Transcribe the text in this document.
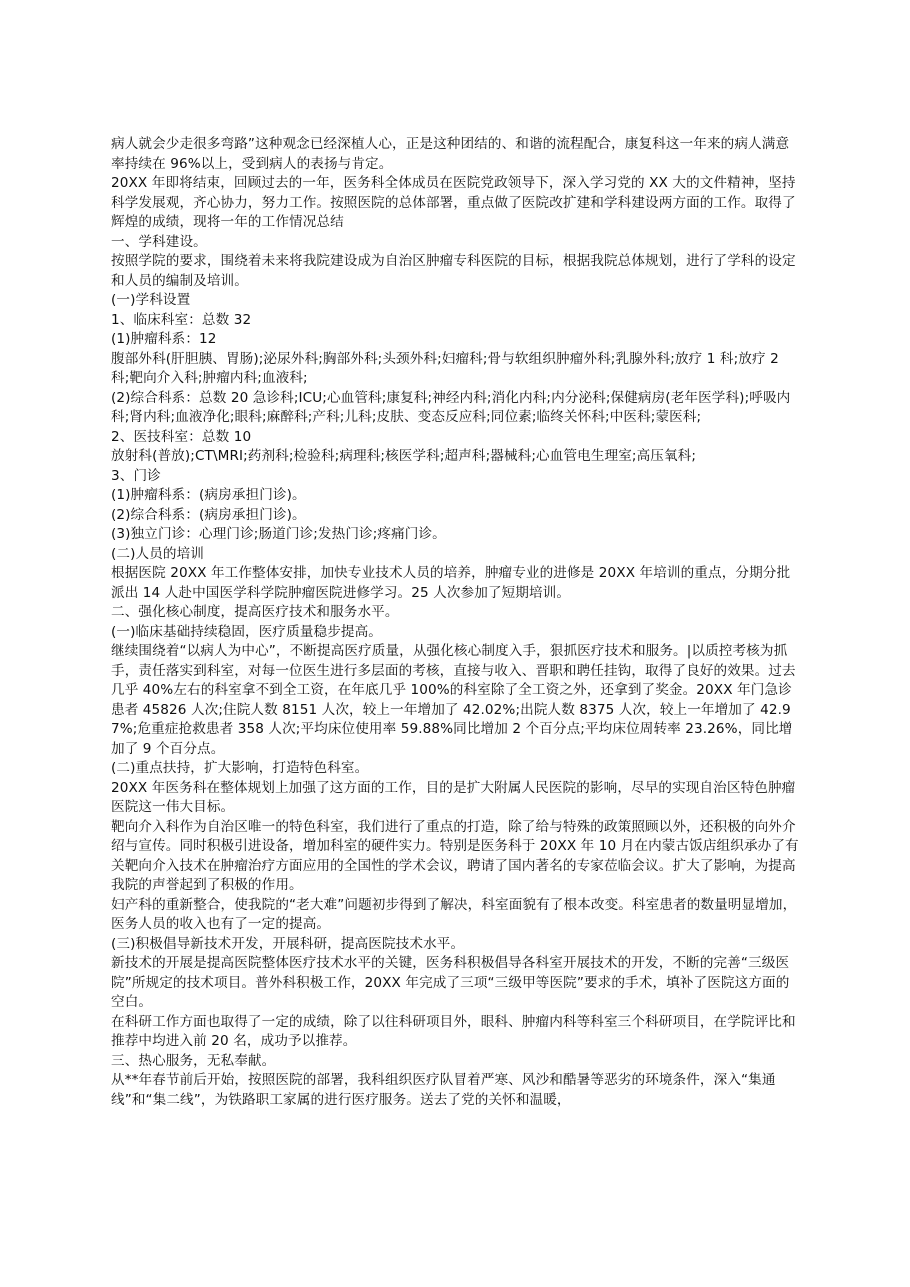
病人就会少走很多弯路”这种观念已经深植人心，正是这种团结的、和谐的流程配合，康复科这一年来的病人满意率持续在 96%以上，受到病人的表扬与肯定。

20XX 年即将结束，回顾过去的一年，医务科全体成员在医院党政领导下，深入学习党的 XX 大的文件精神，坚持科学发展观，齐心协力，努力工作。按照医院的总体部署，重点做了医院改扩建和学科建设两方面的工作。取得了辉煌的成绩，现将一年的工作情况总结

一、学科建设。

按照学院的要求，围绕着未来将我院建设成为自治区肿瘤专科医院的目标，根据我院总体规划，进行了学科的设定和人员的编制及培训。

(一)学科设置

1、临床科室：总数 32

(1)肿瘤科系：12

腹部外科(肝胆胰、胃肠);泌尿外科;胸部外科;头颈外科;妇瘤科;骨与软组织肿瘤外科;乳腺外科;放疗 1 科;放疗 2 科;靶向介入科;肿瘤内科;血液科;

(2)综合科系：总数 20 急诊科;ICU;心血管科;康复科;神经内科;消化内科;内分泌科;保健病房(老年医学科);呼吸内科;肾内科;血液净化;眼科;麻醉科;产科;儿科;皮肤、变态反应科;同位素;临终关怀科;中医科;蒙医科;

2、医技科室：总数 10

放射科(普放);CT\MRI;药剂科;检验科;病理科;核医学科;超声科;器械科;心血管电生理室;高压氧科;

3、门诊

(1)肿瘤科系：(病房承担门诊)。

(2)综合科系：(病房承担门诊)。

(3)独立门诊：心理门诊;肠道门诊;发热门诊;疼痛门诊。

(二)人员的培训

根据医院 20XX 年工作整体安排，加快专业技术人员的培养，肿瘤专业的进修是 20XX 年培训的重点，分期分批派出 14 人赴中国医学科学院肿瘤医院进修学习。25 人次参加了短期培训。

二、强化核心制度，提高医疗技术和服务水平。

(一)临床基础持续稳固，医疗质量稳步提高。

继续围绕着“以病人为中心”，不断提高医疗质量，从强化核心制度入手，狠抓医疗技术和服务。|以质控考核为抓手，责任落实到科室，对每一位医生进行多层面的考核，直接与收入、晋职和聘任挂钩，取得了良好的效果。过去几乎 40%左右的科室拿不到全工资，在年底几乎 100%的科室除了全工资之外，还拿到了奖金。20XX 年门急诊患者 45826 人次;住院人数 8151 人次，较上一年增加了 42.02%;出院人数 8375 人次，较上一年增加了 42.97%;危重症抢救患者 358 人次;平均床位使用率 59.88%同比增加 2 个百分点;平均床位周转率 23.26%，同比增加了 9 个百分点。

(二)重点扶持，扩大影响，打造特色科室。

20XX 年医务科在整体规划上加强了这方面的工作，目的是扩大附属人民医院的影响，尽早的实现自治区特色肿瘤医院这一伟大目标。

靶向介入科作为自治区唯一的特色科室，我们进行了重点的打造，除了给与特殊的政策照顾以外，还积极的向外介绍与宣传。同时积极引进设备，增加科室的硬件实力。特别是医务科于 20XX 年 10 月在内蒙古饭店组织承办了有关靶向介入技术在肿瘤治疗方面应用的全国性的学术会议，聘请了国内著名的专家莅临会议。扩大了影响，为提高我院的声誉起到了积极的作用。

妇产科的重新整合，使我院的“老大难”问题初步得到了解决，科室面貌有了根本改变。科室患者的数量明显增加，医务人员的收入也有了一定的提高。

(三)积极倡导新技术开发，开展科研，提高医院技术水平。

新技术的开展是提高医院整体医疗技术水平的关键，医务科积极倡导各科室开展技术的开发，不断的完善“三级医院”所规定的技术项目。普外科积极工作，20XX 年完成了三项“三级甲等医院”要求的手术，填补了医院这方面的空白。

在科研工作方面也取得了一定的成绩，除了以往科研项目外，眼科、肿瘤内科等科室三个科研项目，在学院评比和推荐中均进入前 20 名，成功予以推荐。

三、热心服务，无私奉献。

从**年春节前后开始，按照医院的部署，我科组织医疗队冒着严寒、风沙和酷暑等恶劣的环境条件，深入“集通线”和“集二线”，为铁路职工家属的进行医疗服务。送去了党的关怀和温暖，
